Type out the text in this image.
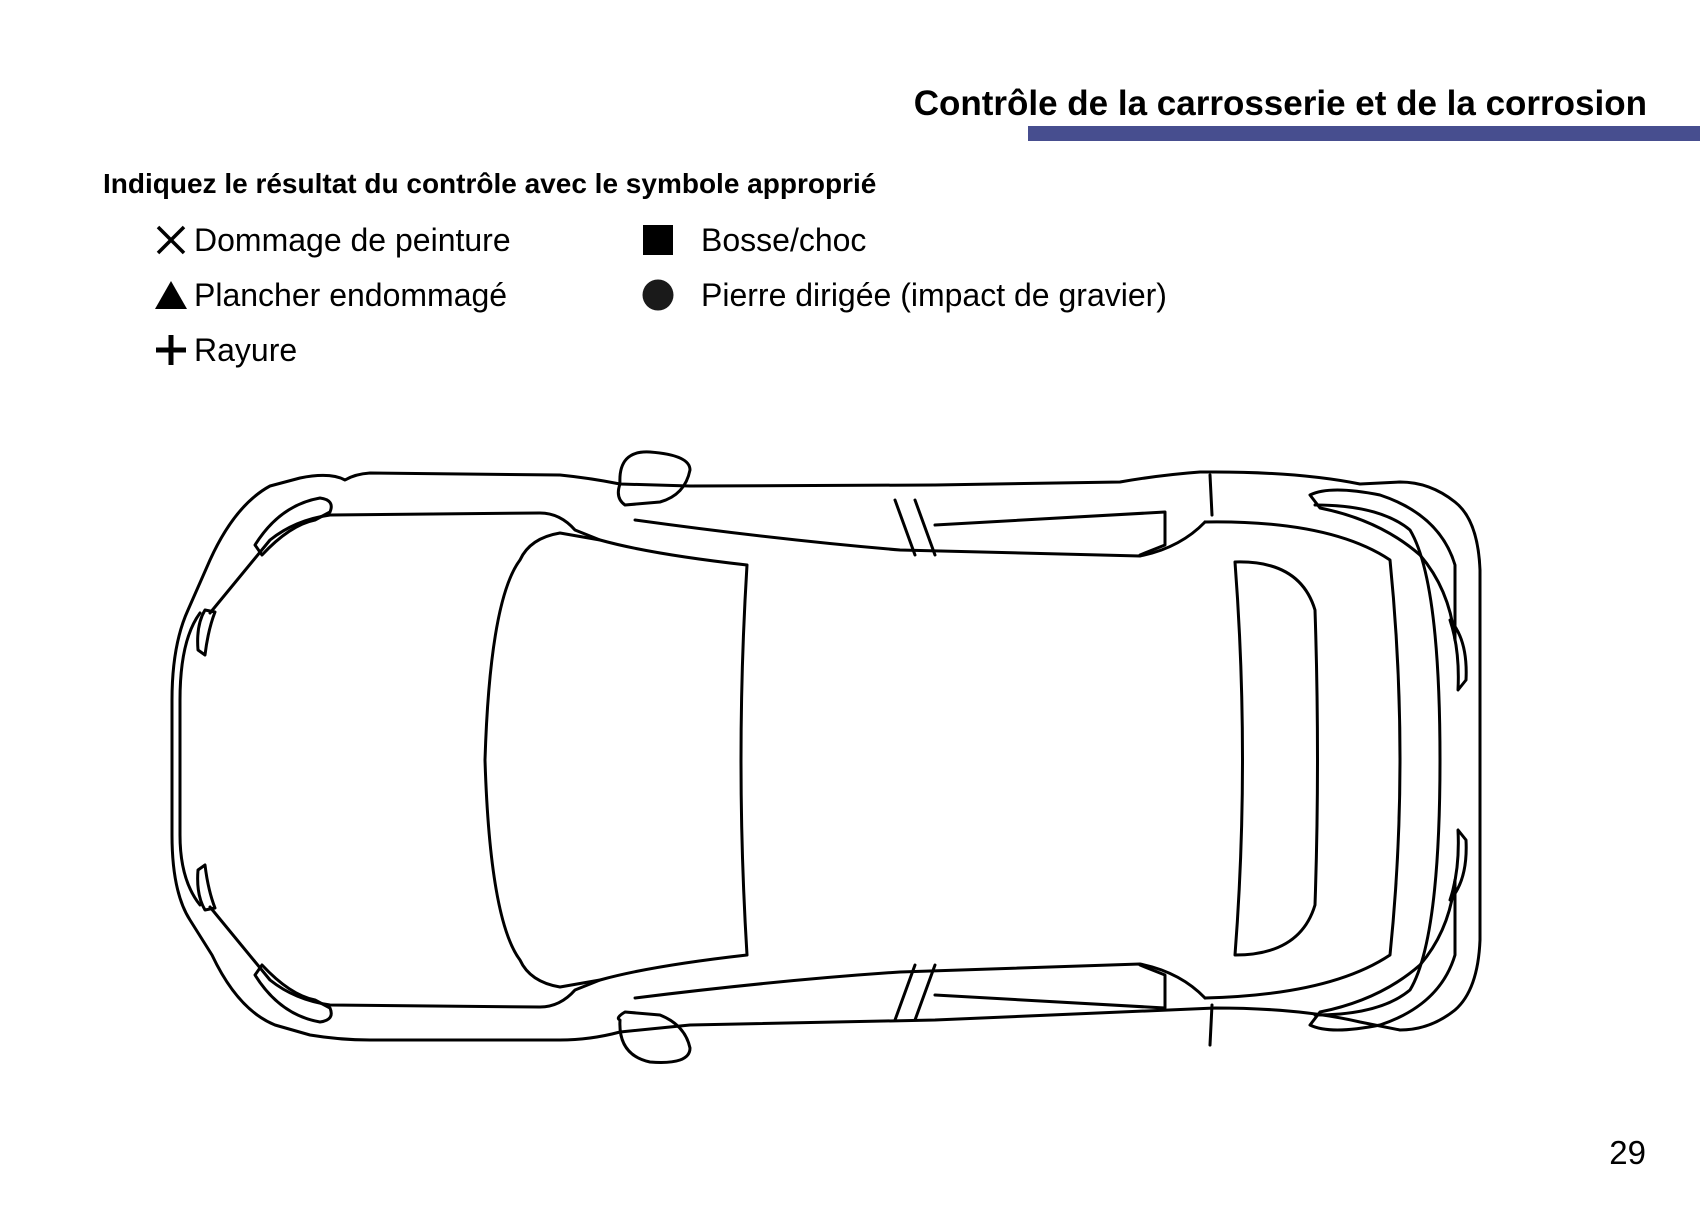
Contrôle de la carrosserie et de la corrosion
Indiquez le résultat du contrôle avec le symbole approprié
Dommage de peinture
Plancher endommagé
Rayure
Bosse/choc
Pierre dirigée (impact de gravier)
29
